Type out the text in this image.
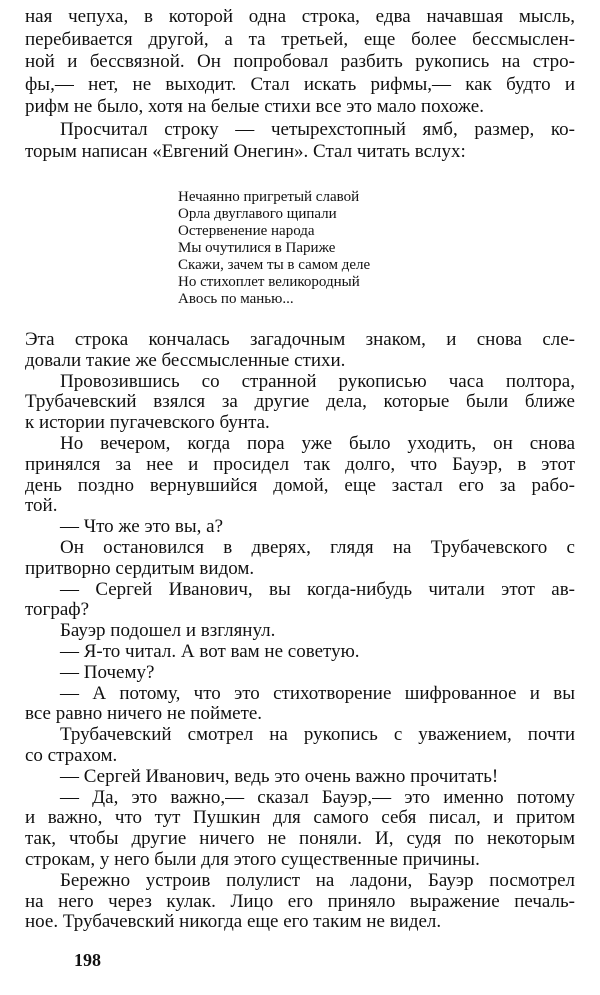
ная чепуха, в которой одна строка, едва начавшая мысль,
перебивается другой, а та третьей, еще более бессмыслен-
ной и бессвязной. Он попробовал разбить рукопись на стро-
фы,— нет, не выходит. Стал искать рифмы,— как будто и
рифм не было, хотя на белые стихи все это мало похоже.
Просчитал строку — четырехстопный ямб, размер, ко-
торым написан «Евгений Онегин». Стал читать вслух:
Нечаянно пригретый славой
Орла двуглавого щипали
Остервенение народа
Мы очутилися в Париже
Скажи, зачем ты в самом деле
Но стихоплет великородный
Авось по манью...
Эта строка кончалась загадочным знаком, и снова сле-
довали такие же бессмысленные стихи.
Провозившись со странной рукописью часа полтора,
Трубачевский взялся за другие дела, которые были ближе
к истории пугачевского бунта.
Но вечером, когда пора уже было уходить, он снова
принялся за нее и просидел так долго, что Бауэр, в этот
день поздно вернувшийся домой, еще застал его за рабо-
той.
— Что же это вы, а?
Он остановился в дверях, глядя на Трубачевского с
притворно сердитым видом.
— Сергей Иванович, вы когда-нибудь читали этот ав-
тограф?
Бауэр подошел и взглянул.
— Я-то читал. А вот вам не советую.
— Почему?
— А потому, что это стихотворение шифрованное и вы
все равно ничего не поймете.
Трубачевский смотрел на рукопись с уважением, почти
со страхом.
— Сергей Иванович, ведь это очень важно прочитать!
— Да, это важно,— сказал Бауэр,— это именно потому
и важно, что тут Пушкин для самого себя писал, и притом
так, чтобы другие ничего не поняли. И, судя по некоторым
строкам, у него были для этого существенные причины.
Бережно устроив полулист на ладони, Бауэр посмотрел
на него через кулак. Лицо его приняло выражение печаль-
ное. Трубачевский никогда еще его таким не видел.
198
